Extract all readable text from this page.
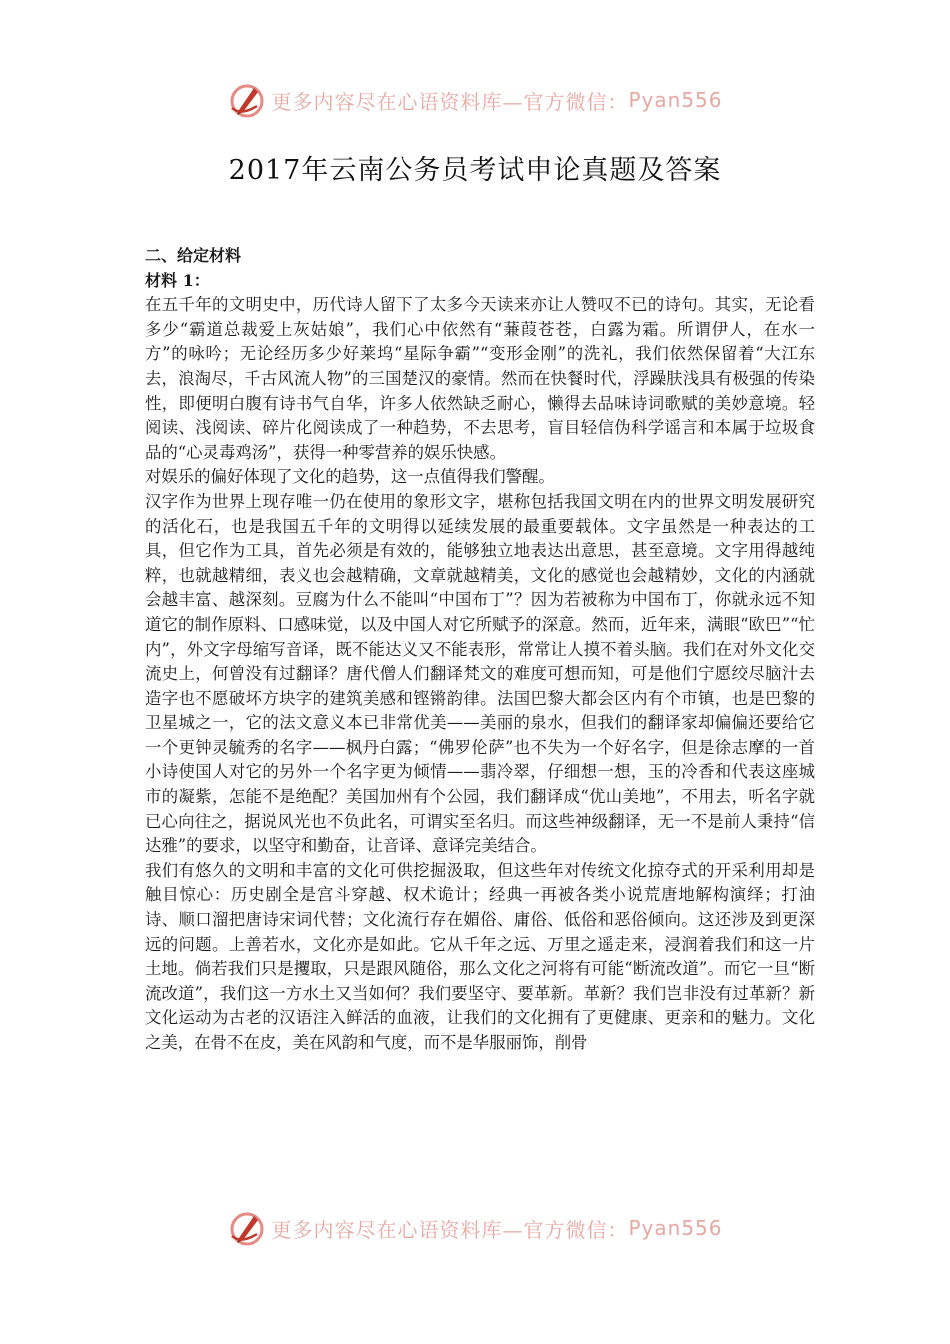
更多内容尽在心语资料库—官方微信： Pyan556
2017年云南公务员考试申论真题及答案
二、给定材料
材料 1：

在五千年的文明史中，历代诗人留下了太多今天读来亦让人赞叹不已的诗句。其实，无论看多少“霸道总裁爱上灰姑娘”，我们心中依然有“蒹葭苍苍，白露为霜。所谓伊人，在水一方”的咏吟；无论经历多少好莱坞“星际争霸”“变形金刚”的洗礼，我们依然保留着“大江东去，浪淘尽，千古风流人物”的三国楚汉的豪情。然而在快餐时代，浮躁肤浅具有极强的传染性，即便明白腹有诗书气自华，许多人依然缺乏耐心，懒得去品味诗词歌赋的美妙意境。轻阅读、浅阅读、碎片化阅读成了一种趋势，不去思考，盲目轻信伪科学谣言和本属于垃圾食品的“心灵毒鸡汤”，获得一种零营养的娱乐快感。

对娱乐的偏好体现了文化的趋势，这一点值得我们警醒。

汉字作为世界上现存唯一仍在使用的象形文字，堪称包括我国文明在内的世界文明发展研究的活化石，也是我国五千年的文明得以延续发展的最重要载体。文字虽然是一种表达的工具，但它作为工具，首先必须是有效的，能够独立地表达出意思，甚至意境。文字用得越纯粹，也就越精细，表义也会越精确，文章就越精美，文化的感觉也会越精妙，文化的内涵就会越丰富、越深刻。豆腐为什么不能叫“中国布丁”？因为若被称为中国布丁，你就永远不知道它的制作原料、口感味觉，以及中国人对它所赋予的深意。然而，近年来，满眼“欧巴”“忙内”，外文字母缩写音译，既不能达义又不能表形，常常让人摸不着头脑。我们在对外文化交流史上，何曾没有过翻译？唐代僧人们翻译梵文的难度可想而知，可是他们宁愿绞尽脑汁去造字也不愿破坏方块字的建筑美感和铿锵韵律。法国巴黎大都会区内有个市镇，也是巴黎的卫星城之一，它的法文意义本已非常优美——美丽的泉水，但我们的翻译家却偏偏还要给它一个更钟灵毓秀的名字——枫丹白露；“佛罗伦萨”也不失为一个好名字，但是徐志摩的一首小诗使国人对它的另外一个名字更为倾情——翡冷翠，仔细想一想，玉的冷香和代表这座城市的凝紫，怎能不是绝配？美国加州有个公园，我们翻译成“优山美地”，不用去，听名字就已心向往之，据说风光也不负此名，可谓实至名归。而这些神级翻译，无一不是前人秉持“信达雅”的要求，以坚守和勤奋，让音译、意译完美结合。

我们有悠久的文明和丰富的文化可供挖掘汲取，但这些年对传统文化掠夺式的开采利用却是触目惊心：历史剧全是宫斗穿越、权术诡计；经典一再被各类小说荒唐地解构演绎；打油诗、顺口溜把唐诗宋词代替；文化流行存在媚俗、庸俗、低俗和恶俗倾向。这还涉及到更深远的问题。上善若水，文化亦是如此。它从千年之远、万里之遥走来，浸润着我们和这一片土地。倘若我们只是攫取，只是跟风随俗，那么文化之河将有可能“断流改道”。而它一旦“断流改道”，我们这一方水土又当如何？我们要坚守、要革新。革新？我们岂非没有过革新？新文化运动为古老的汉语注入鲜活的血液，让我们的文化拥有了更健康、更亲和的魅力。文化之美，在骨不在皮，美在风韵和气度，而不是华服丽饰，削骨

更多内容尽在心语资料库—官方微信： Pyan556
